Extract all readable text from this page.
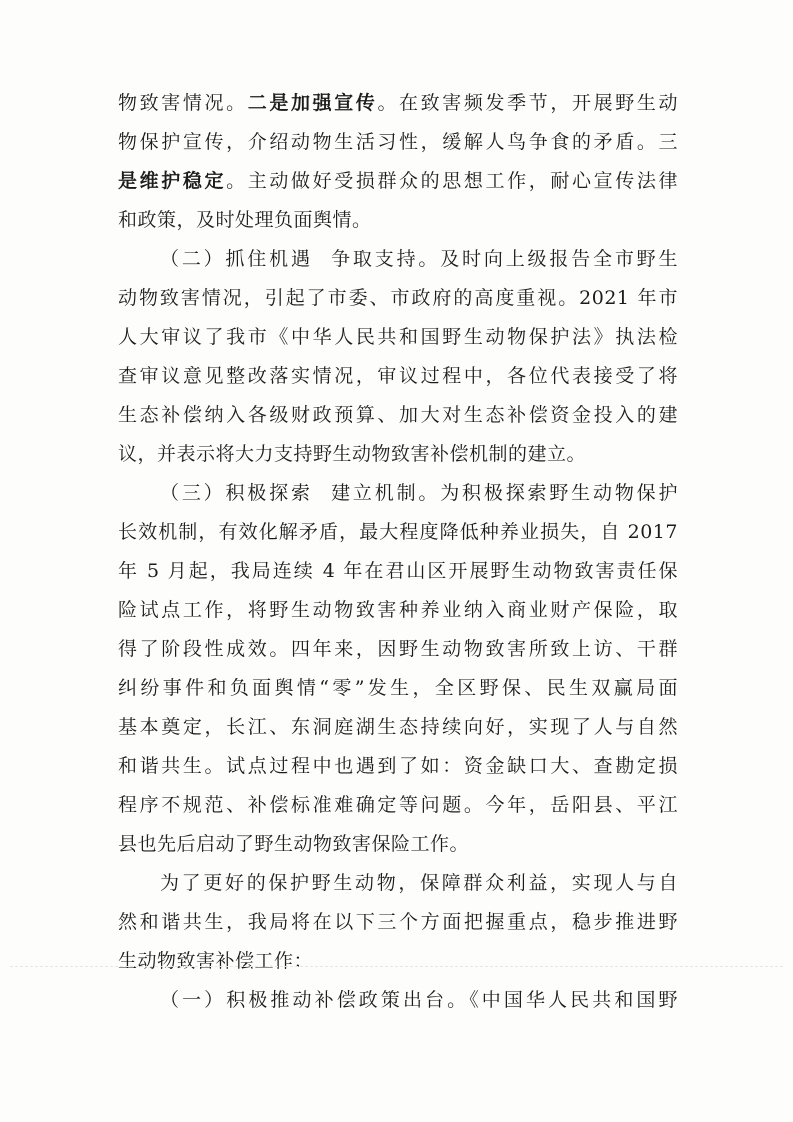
物致害情况。二是加强宣传。在致害频发季节，开展野生动
物保护宣传，介绍动物生活习性，缓解人鸟争食的矛盾。三
是维护稳定。主动做好受损群众的思想工作，耐心宣传法律
和政策，及时处理负面舆情。
（二）抓住机遇 争取支持。及时向上级报告全市野生
动物致害情况，引起了市委、市政府的高度重视。2021 年市
人大审议了我市《中华人民共和国野生动物保护法》执法检
查审议意见整改落实情况，审议过程中，各位代表接受了将
生态补偿纳入各级财政预算、加大对生态补偿资金投入的建
议，并表示将大力支持野生动物致害补偿机制的建立。
（三）积极探索 建立机制。为积极探索野生动物保护
长效机制，有效化解矛盾，最大程度降低种养业损失，自 2017
年 5 月起，我局连续 4 年在君山区开展野生动物致害责任保
险试点工作，将野生动物致害种养业纳入商业财产保险，取
得了阶段性成效。四年来，因野生动物致害所致上访、干群
纠纷事件和负面舆情“零”发生，全区野保、民生双赢局面
基本奠定，长江、东洞庭湖生态持续向好，实现了人与自然
和谐共生。试点过程中也遇到了如：资金缺口大、查勘定损
程序不规范、补偿标准难确定等问题。今年，岳阳县、平江
县也先后启动了野生动物致害保险工作。
为了更好的保护野生动物，保障群众利益，实现人与自
然和谐共生，我局将在以下三个方面把握重点，稳步推进野
生动物致害补偿工作：
（一）积极推动补偿政策出台。《中国华人民共和国野
